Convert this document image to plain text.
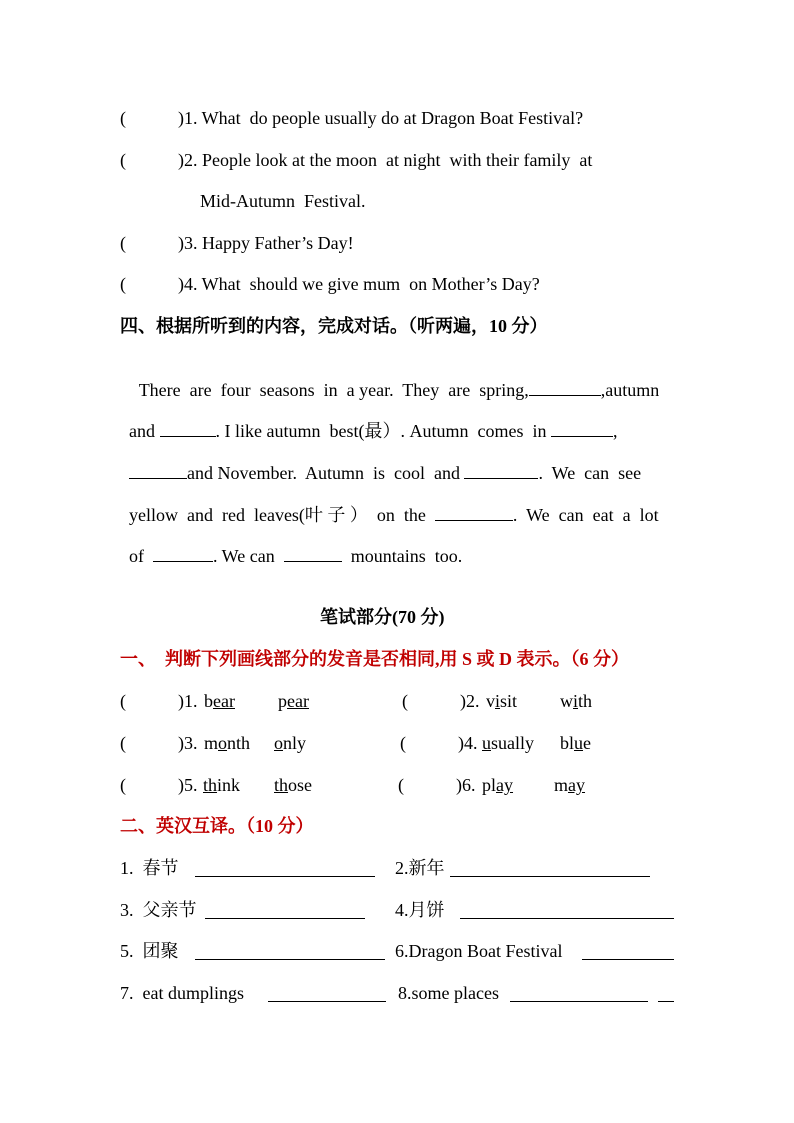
(	)1. What  do people usually do at Dragon Boat Festival?
(	)2. People look at the moon  at night  with their family  at
Mid-Autumn  Festival.
(	)3. Happy Father’s Day!
(	)4. What  should we give mum  on Mother’s Day?
四、根据所听到的内容，完成对话。（听两遍，10 分）

There  are  four  seasons  in  a year.  They  are  spring,	,autumn

and	. I like autumn  best(最）. Autumn  comes  in	,

and November.  Autumn  is  cool  and	.  We  can  see

yellow  and  red  leaves(叶 子 ）  on  the	.  We  can  eat  a  lot

of	. We can	mountains  too.

笔试部分(70 分)
一、  判断下列画线部分的发音是否相同,用 S 或 D 表示。（6 分）
(	)1. bear pear	(	)2. visit with
(	)3. month only	(	)4. usually blue
(	)5. think those	(	)6. play may
二、英汉互译。（10 分）
1.  春节	2.新年
3.  父亲节	4.月饼
5.  团聚	6.Dragon Boat Festival
7.  eat dumplings	8.some places
